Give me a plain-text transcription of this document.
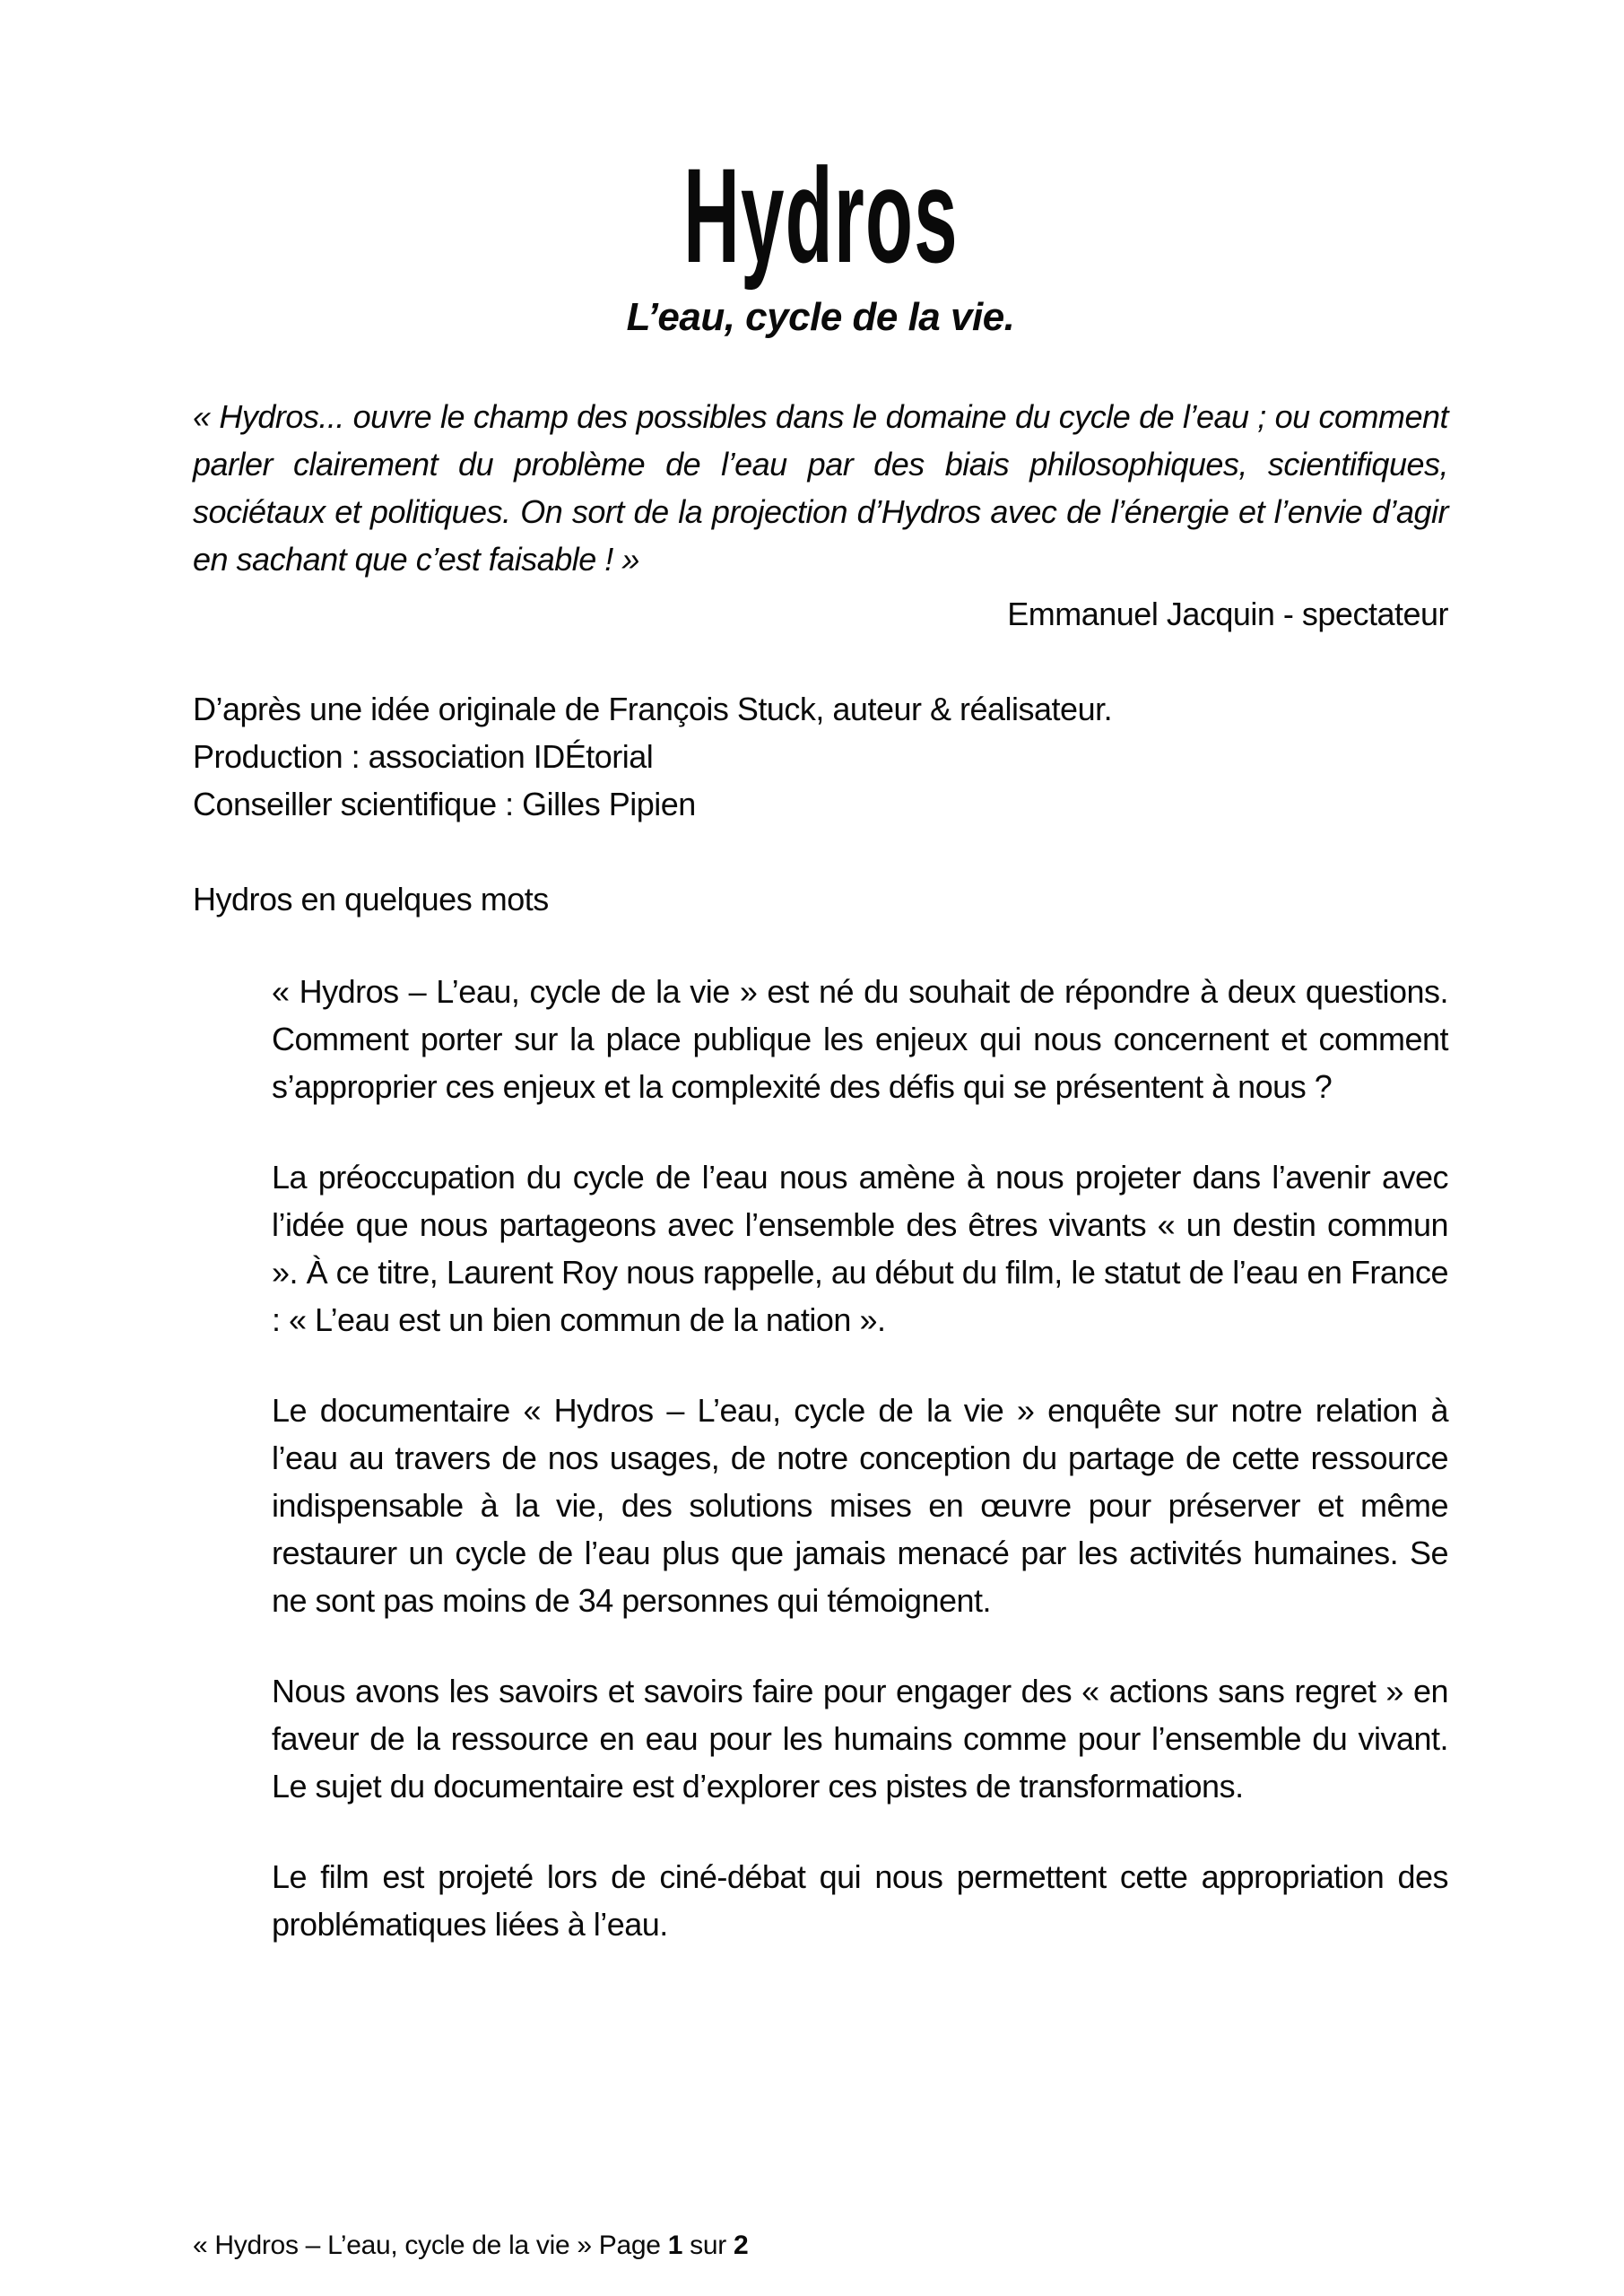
Hydros
L’eau, cycle de la vie.

« Hydros... ouvre le champ des possibles dans le domaine du cycle de l’eau ; ou comment parler clairement du problème de l’eau par des biais philosophiques, scientifiques, sociétaux et politiques. On sort de la projection d’Hydros avec de l’énergie et l’envie d’agir en sachant que c’est faisable ! »

Emmanuel Jacquin - spectateur
D’après une idée originale de François Stuck, auteur & réalisateur.
Production : association IDÉtorial
Conseiller scientifique : Gilles Pipien
Hydros en quelques mots

« Hydros – L’eau, cycle de la vie » est né du souhait de répondre à deux questions. Comment porter sur la place publique les enjeux qui nous concernent et comment s’approprier ces enjeux et la complexité des défis qui se présentent à nous ?

La préoccupation du cycle de l’eau nous amène à nous projeter dans l’avenir avec l’idée que nous partageons avec l’ensemble des êtres vivants « un destin commun ». À ce titre, Laurent Roy nous rappelle, au début du film, le statut de l’eau en France : « L’eau est un bien commun de la nation ».

Le documentaire « Hydros – L’eau, cycle de la vie » enquête sur notre relation à l’eau au travers de nos usages, de notre conception du partage de cette ressource indispensable à la vie, des solutions mises en œuvre pour préserver et même restaurer un cycle de l’eau plus que jamais menacé par les activités humaines. Se ne sont pas moins de 34 personnes qui témoignent.

Nous avons les savoirs et savoirs faire pour engager des « actions sans regret » en faveur de la ressource en eau pour les humains comme pour l’ensemble du vivant. Le sujet du documentaire est d’explorer ces pistes de transformations.

Le film est projeté lors de ciné-débat qui nous permettent cette appropriation des problématiques liées à l’eau.

« Hydros – L’eau, cycle de la vie » Page 1 sur 2
